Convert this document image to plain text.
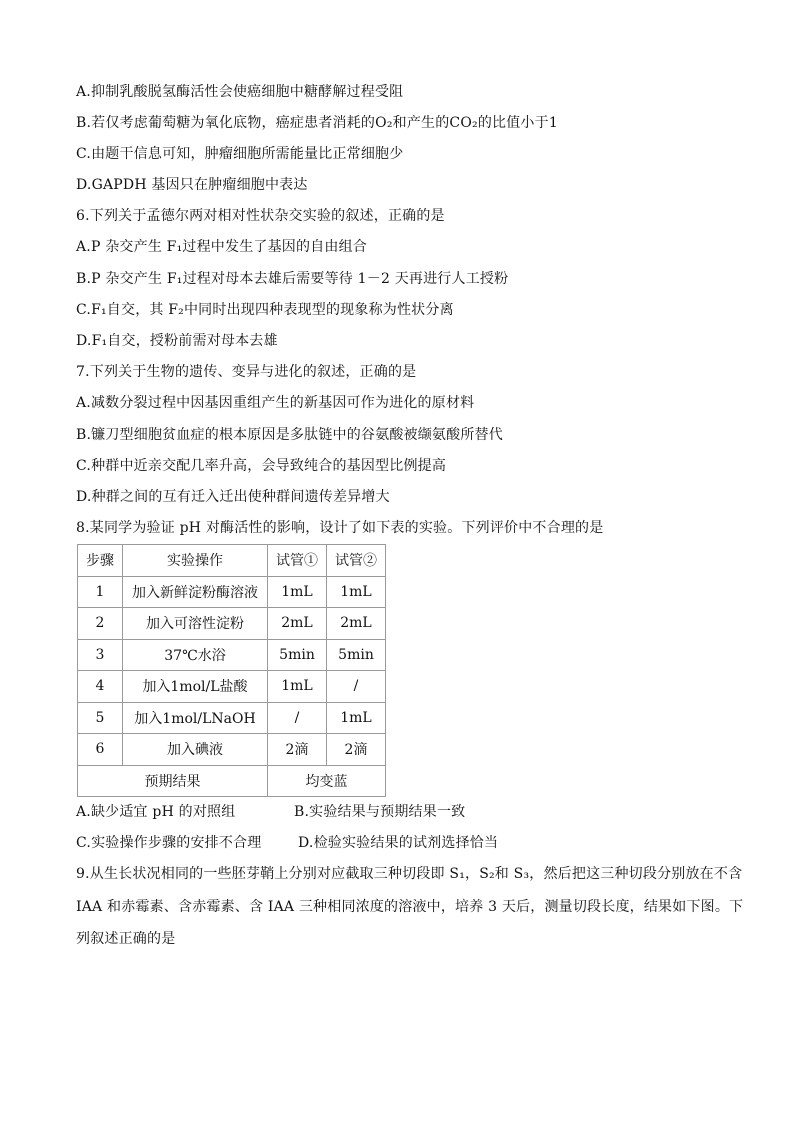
A.抑制乳酸脱氢酶活性会使癌细胞中糖酵解过程受阻
B.若仅考虑葡萄糖为氧化底物，癌症患者消耗的O₂和产生的CO₂的比值小于1
C.由题干信息可知，肿瘤细胞所需能量比正常细胞少
D.GAPDH 基因只在肿瘤细胞中表达
6.下列关于孟德尔两对相对性状杂交实验的叙述，正确的是
A.P 杂交产生 F₁过程中发生了基因的自由组合
B.P 杂交产生 F₁过程对母本去雄后需要等待 1－2 天再进行人工授粉
C.F₁自交，其 F₂中同时出现四种表现型的现象称为性状分离
D.F₁自交，授粉前需对母本去雄
7.下列关于生物的遗传、变异与进化的叙述，正确的是
A.减数分裂过程中因基因重组产生的新基因可作为进化的原材料
B.镰刀型细胞贫血症的根本原因是多肽链中的谷氨酸被缬氨酸所替代
C.种群中近亲交配几率升高，会导致纯合的基因型比例提高
D.种群之间的互有迁入迁出使种群间遗传差异增大
8.某同学为验证 pH 对酶活性的影响，设计了如下表的实验。下列评价中不合理的是
步骤	实验操作	试管①	试管②
1	加入新鲜淀粉酶溶液	1mL	1mL
2	加入可溶性淀粉	2mL	2mL
3	37℃水浴	5min	5min
4	加入1mol/L盐酸	1mL	/
5	加入1mol/LNaOH	/	1mL
6	加入碘液	2滴	2滴
预期结果		均变蓝	
A.缺少适宜 pH 的对照组	B.实验结果与预期结果一致
C.实验操作步骤的安排不合理	D.检验实验结果的试剂选择恰当
9.从生长状况相同的一些胚芽鞘上分别对应截取三种切段即 S₁，S₂和 S₃，然后把这三种切段分别放在不含
IAA 和赤霉素、含赤霉素、含 IAA 三种相同浓度的溶液中，培养 3 天后，测量切段长度，结果如下图。下
列叙述正确的是
